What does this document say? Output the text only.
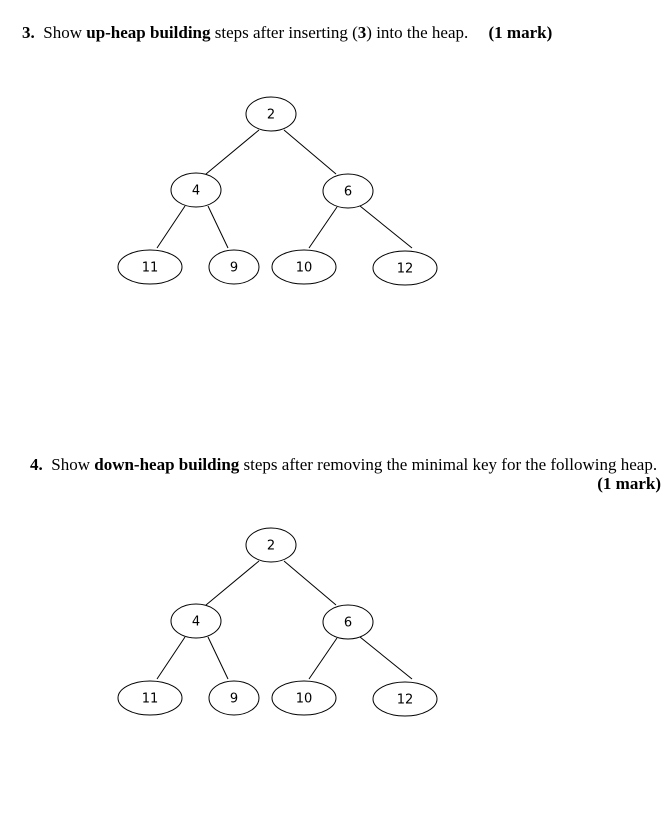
3. Show up-heap building steps after inserting (3) into the heap. (1 mark)
4. Show down-heap building steps after removing the minimal key for the following heap.
(1 mark)
2
4	6
11	9	10	12
2
4	6
11	9	10	12
